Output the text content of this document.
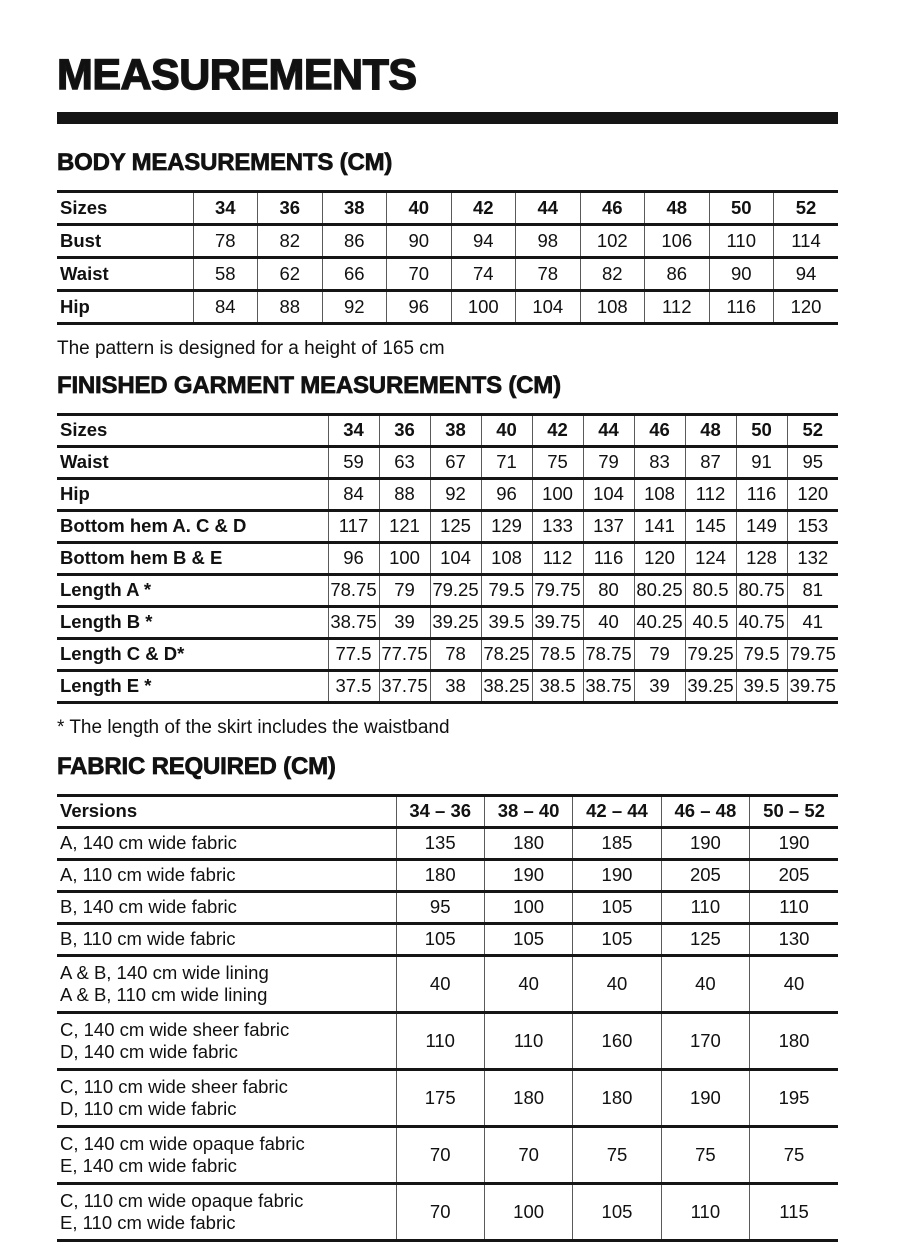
MEASUREMENTS
BODY MEASUREMENTS (CM)
Sizes	34	36	38	40	42	44	46	48	50	52
Bust	78	82	86	90	94	98	102	106	110	114
Waist	58	62	66	70	74	78	82	86	90	94
Hip	84	88	92	96	100	104	108	112	116	120
The pattern is designed for a height of 165 cm
FINISHED GARMENT MEASUREMENTS (CM)
Sizes	34	36	38	40	42	44	46	48	50	52
Waist	59	63	67	71	75	79	83	87	91	95
Hip	84	88	92	96	100	104	108	112	116	120
Bottom hem A. C & D	117	121	125	129	133	137	141	145	149	153
Bottom hem B & E	96	100	104	108	112	116	120	124	128	132
Length A *	78.75	79	79.25	79.5	79.75	80	80.25	80.5	80.75	81
Length B *	38.75	39	39.25	39.5	39.75	40	40.25	40.5	40.75	41
Length C & D*	77.5	77.75	78	78.25	78.5	78.75	79	79.25	79.5	79.75
Length E *	37.5	37.75	38	38.25	38.5	38.75	39	39.25	39.5	39.75
* The length of the skirt includes the waistband
FABRIC REQUIRED (CM)
Versions	34 – 36	38 – 40	42 – 44	46 – 48	50 – 52

A, 140 cm wide fabric	135	180	185	190	190

A, 110 cm wide fabric	180	190	190	205	205

B, 140 cm wide fabric	95	100	105	110	110

B, 110 cm wide fabric	105	105	105	125	130

A & B, 140 cm wide lining
A & B, 110 cm wide lining	40	40	40	40	40

C, 140 cm wide sheer fabric
D, 140 cm wide fabric	110	110	160	170	180

C, 110 cm wide sheer fabric
D, 110 cm wide fabric	175	180	180	190	195

C, 140 cm wide opaque fabric
E, 140 cm wide fabric	70	70	75	75	75

C, 110 cm wide opaque fabric
E, 110 cm wide fabric	70	100	105	110	115
